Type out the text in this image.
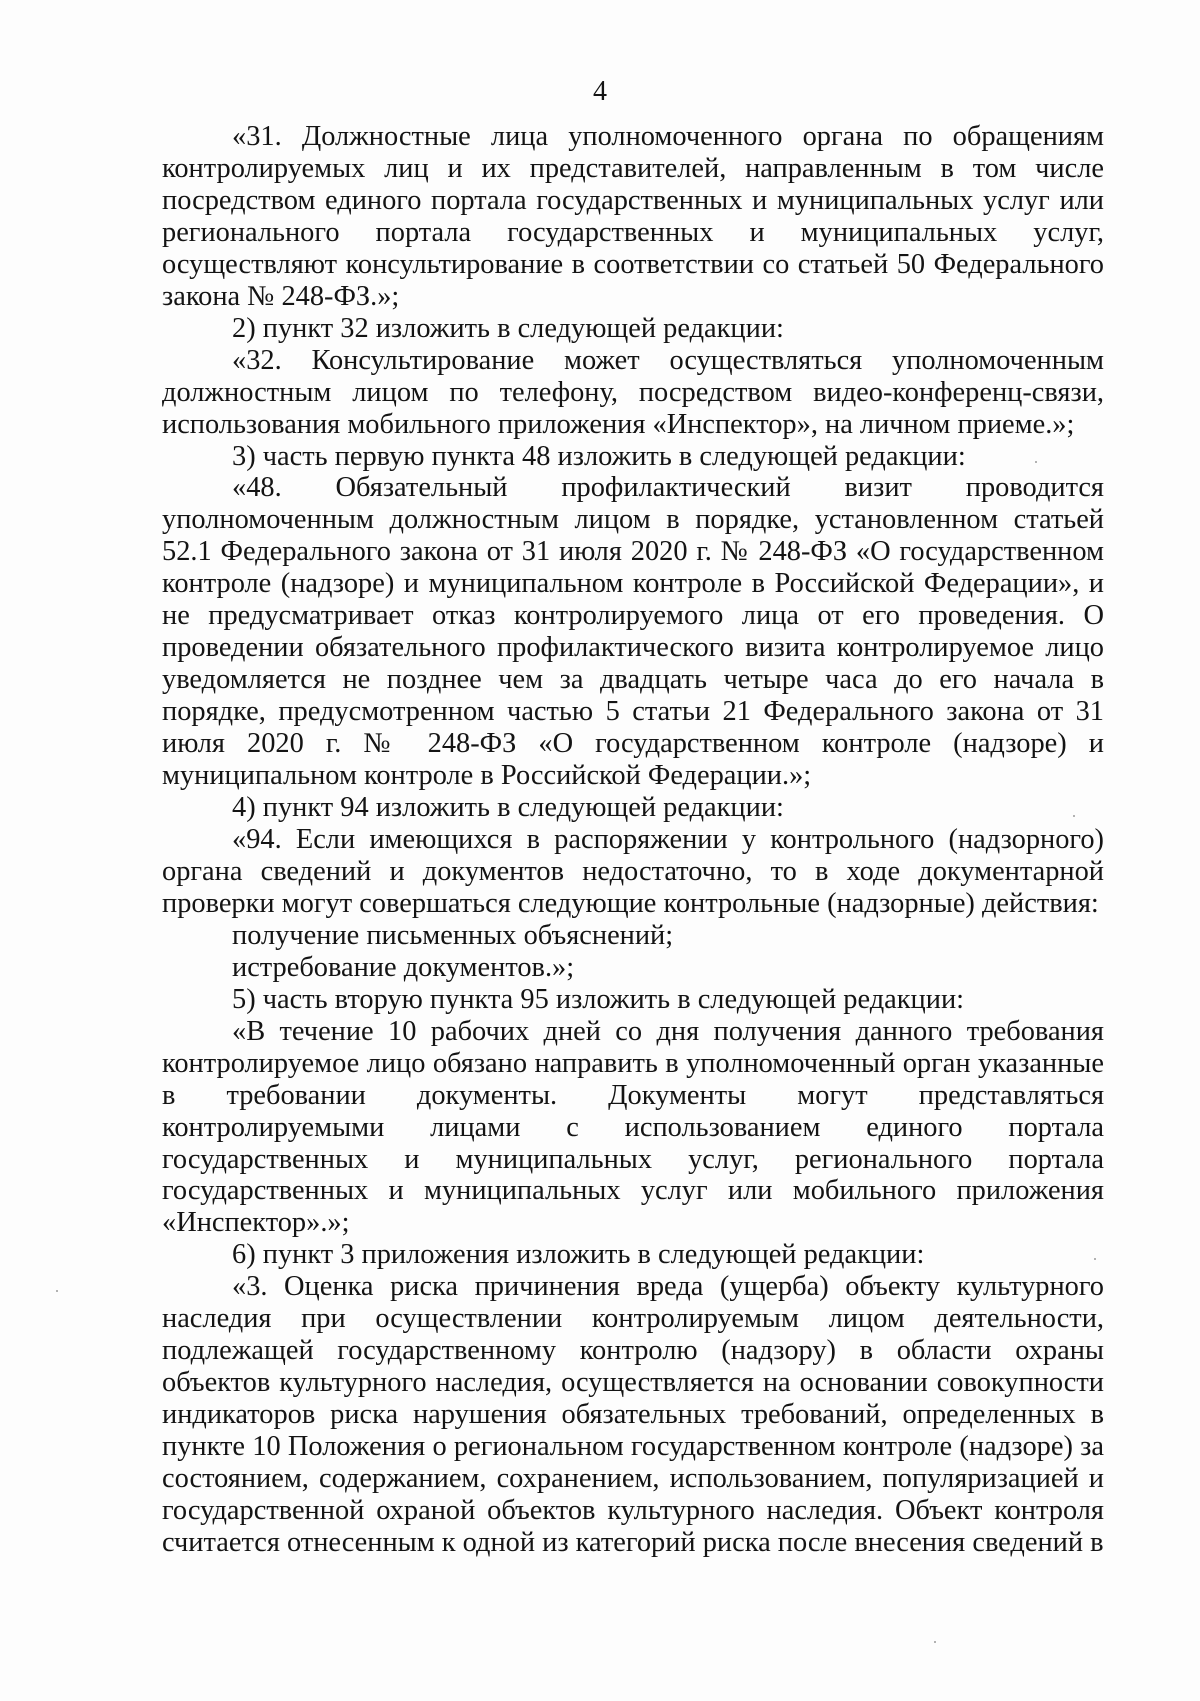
4

«31. Должностные лица уполномоченного органа по обращениям контролируемых лиц и их представителей, направленным в том числе посредством единого портала государственных и муниципальных услуг или регионального портала государственных и муниципальных услуг, осуществляют консультирование в соответствии со статьей 50 Федерального закона № 248-ФЗ.»;

2) пункт 32 изложить в следующей редакции:

«32. Консультирование может осуществляться уполномоченным должностным лицом по телефону, посредством видео-конференц-связи, использования мобильного приложения «Инспектор», на личном приеме.»;

3) часть первую пункта 48 изложить в следующей редакции:

«48. Обязательный профилактический визит проводится уполномоченным должностным лицом в порядке, установленном статьей 52.1 Федерального закона от 31 июля 2020 г. № 248-ФЗ «О государственном контроле (надзоре) и муниципальном контроле в Российской Федерации», и не предусматривает отказ контролируемого лица от его проведения. О проведении обязательного профилактического визита контролируемое лицо уведомляется не позднее чем за двадцать четыре часа до его начала в порядке, предусмотренном частью 5 статьи 21 Федерального закона от 31 июля 2020 г. № 248-ФЗ «О государственном контроле (надзоре) и муниципальном контроле в Российской Федерации.»;

4) пункт 94 изложить в следующей редакции:

«94. Если имеющихся в распоряжении у контрольного (надзорного) органа сведений и документов недостаточно, то в ходе документарной проверки могут совершаться следующие контрольные (надзорные) действия:

получение письменных объяснений;

истребование документов.»;

5) часть вторую пункта 95 изложить в следующей редакции:

«В течение 10 рабочих дней со дня получения данного требования контролируемое лицо обязано направить в уполномоченный орган указанные в требовании документы. Документы могут представляться контролируемыми лицами с использованием единого портала государственных и муниципальных услуг, регионального портала государственных и муниципальных услуг или мобильного приложения «Инспектор».»;

6) пункт 3 приложения изложить в следующей редакции:

«3. Оценка риска причинения вреда (ущерба) объекту культурного наследия при осуществлении контролируемым лицом деятельности, подлежащей государственному контролю (надзору) в области охраны объектов культурного наследия, осуществляется на основании совокупности индикаторов риска нарушения обязательных требований, определенных в пункте 10 Положения о региональном государственном контроле (надзоре) за состоянием, содержанием, сохранением, использованием, популяризацией и государственной охраной объектов культурного наследия. Объект контроля считается отнесенным к одной из категорий риска после внесения сведений в
